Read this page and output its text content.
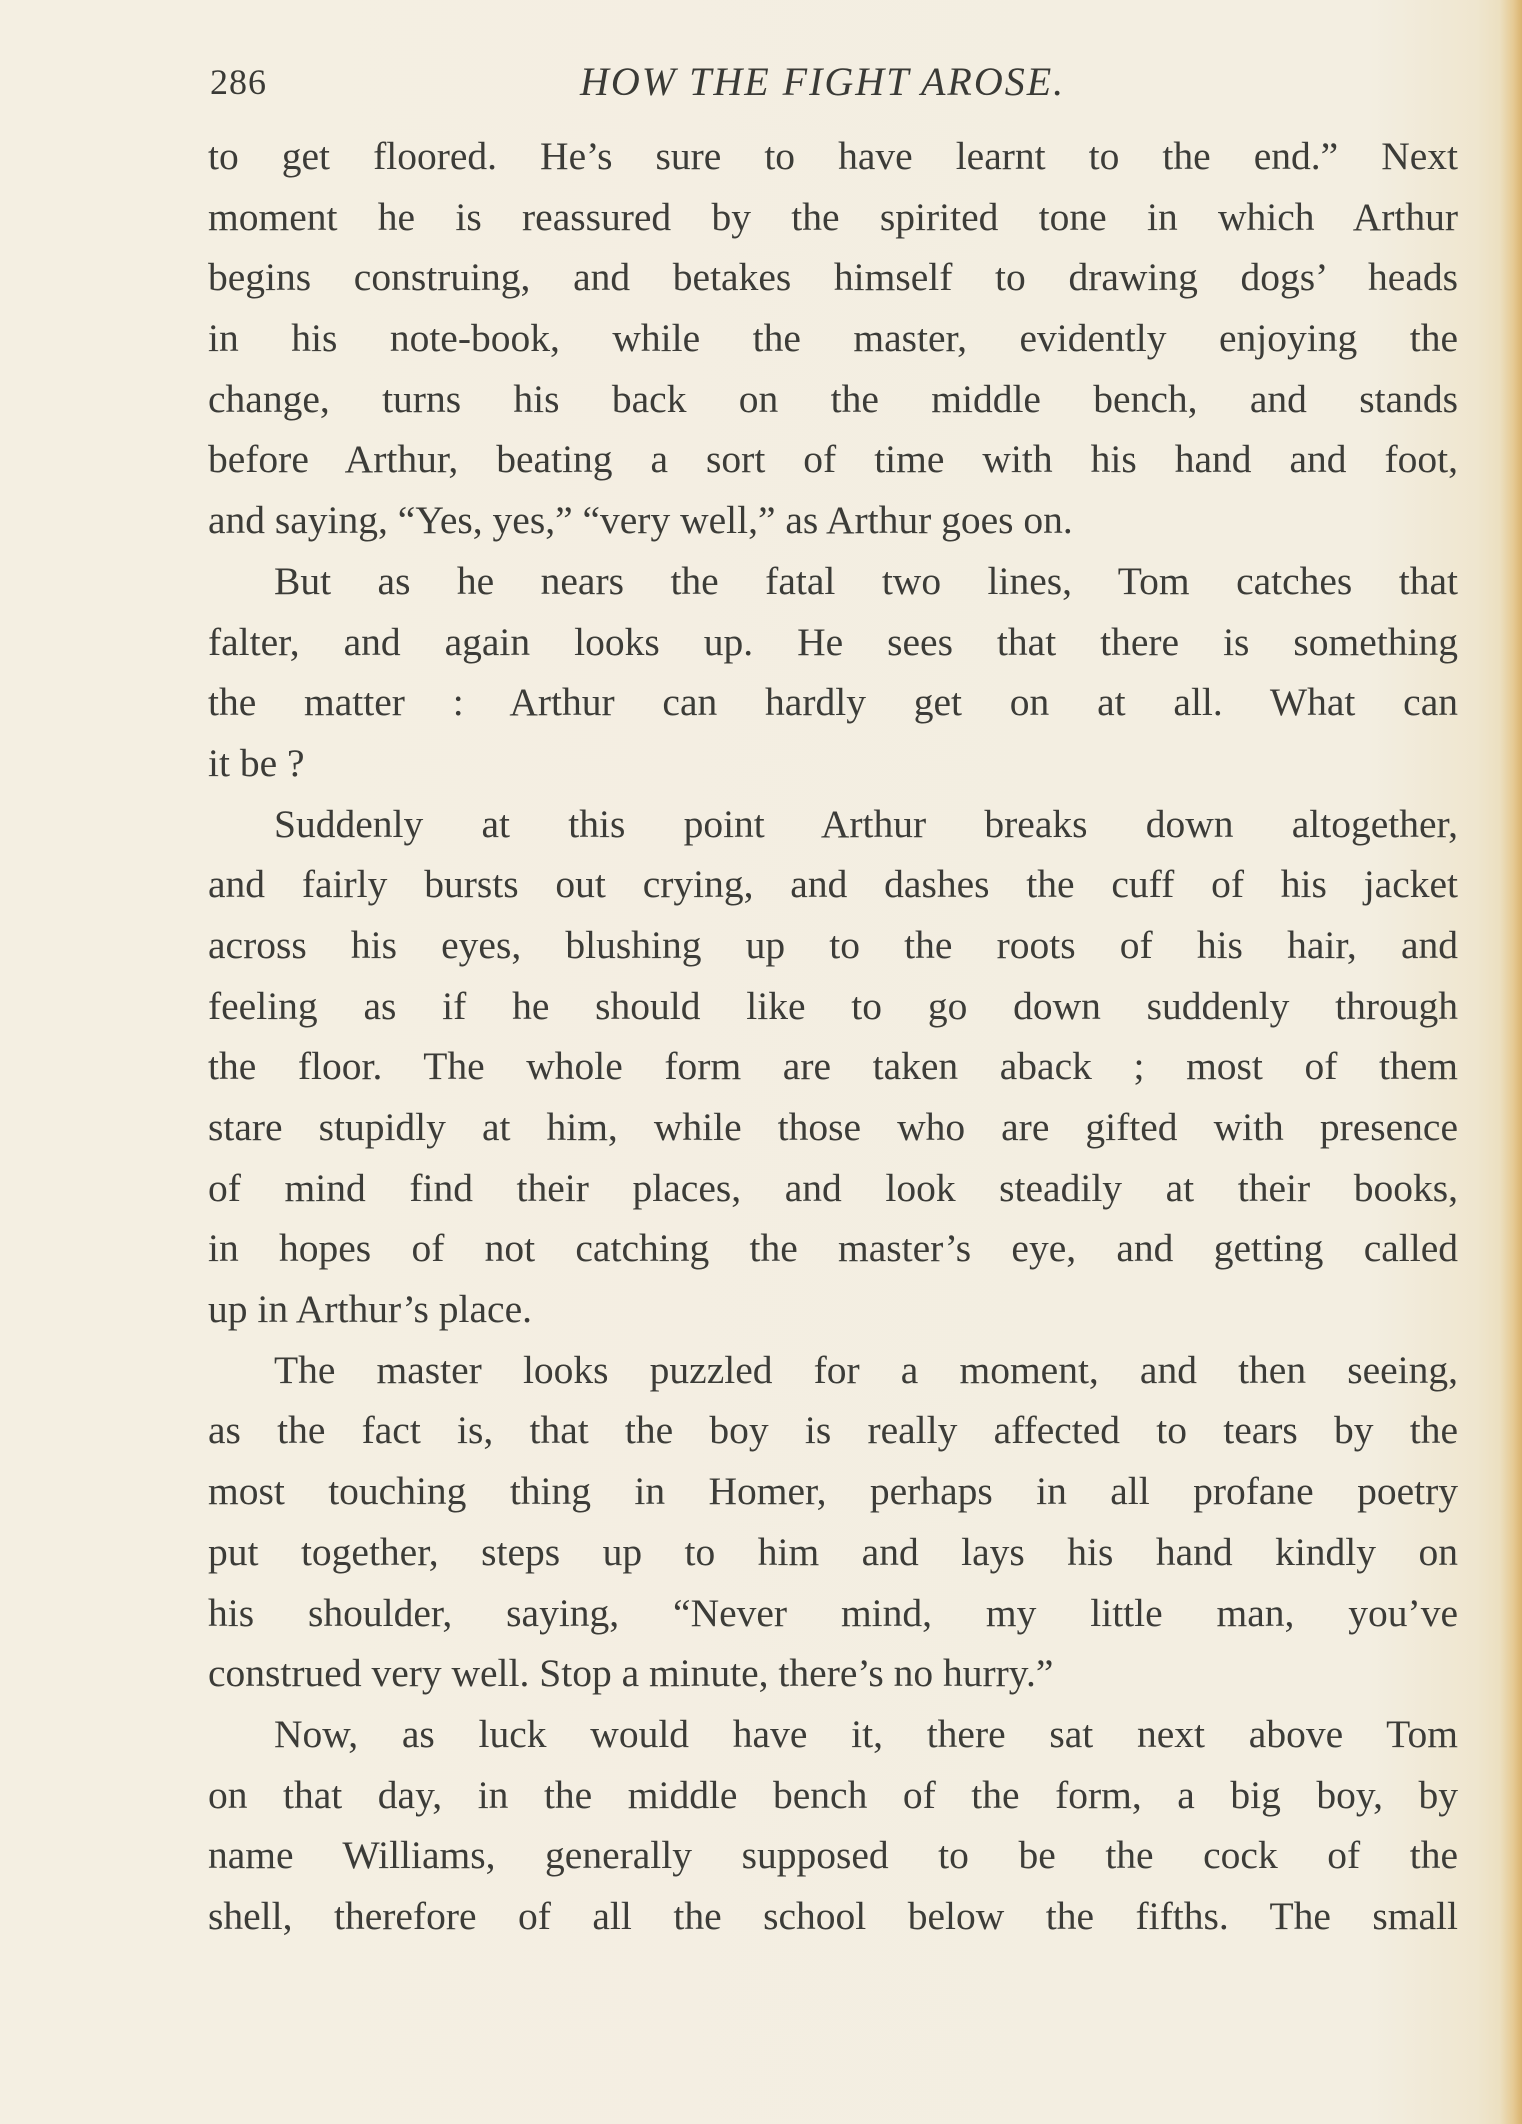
286	HOW THE FIGHT AROSE.
to get floored. He’s sure to have learnt to the end.” Next
moment he is reassured by the spirited tone in which Arthur
begins construing, and betakes himself to drawing dogs’ heads
in his note-book, while the master, evidently enjoying the
change, turns his back on the middle bench, and stands
before Arthur, beating a sort of time with his hand and foot,
and saying, “Yes, yes,” “very well,” as Arthur goes on.
But as he nears the fatal two lines, Tom catches that
falter, and again looks up. He sees that there is something
the matter : Arthur can hardly get on at all. What can
it be ?
Suddenly at this point Arthur breaks down altogether,
and fairly bursts out crying, and dashes the cuff of his jacket
across his eyes, blushing up to the roots of his hair, and
feeling as if he should like to go down suddenly through
the floor. The whole form are taken aback ; most of them
stare stupidly at him, while those who are gifted with presence
of mind find their places, and look steadily at their books,
in hopes of not catching the master’s eye, and getting called
up in Arthur’s place.
The master looks puzzled for a moment, and then seeing,
as the fact is, that the boy is really affected to tears by the
most touching thing in Homer, perhaps in all profane poetry
put together, steps up to him and lays his hand kindly on
his shoulder, saying, “Never mind, my little man, you’ve
construed very well. Stop a minute, there’s no hurry.”
Now, as luck would have it, there sat next above Tom
on that day, in the middle bench of the form, a big boy, by
name Williams, generally supposed to be the cock of the
shell, therefore of all the school below the fifths. The small
